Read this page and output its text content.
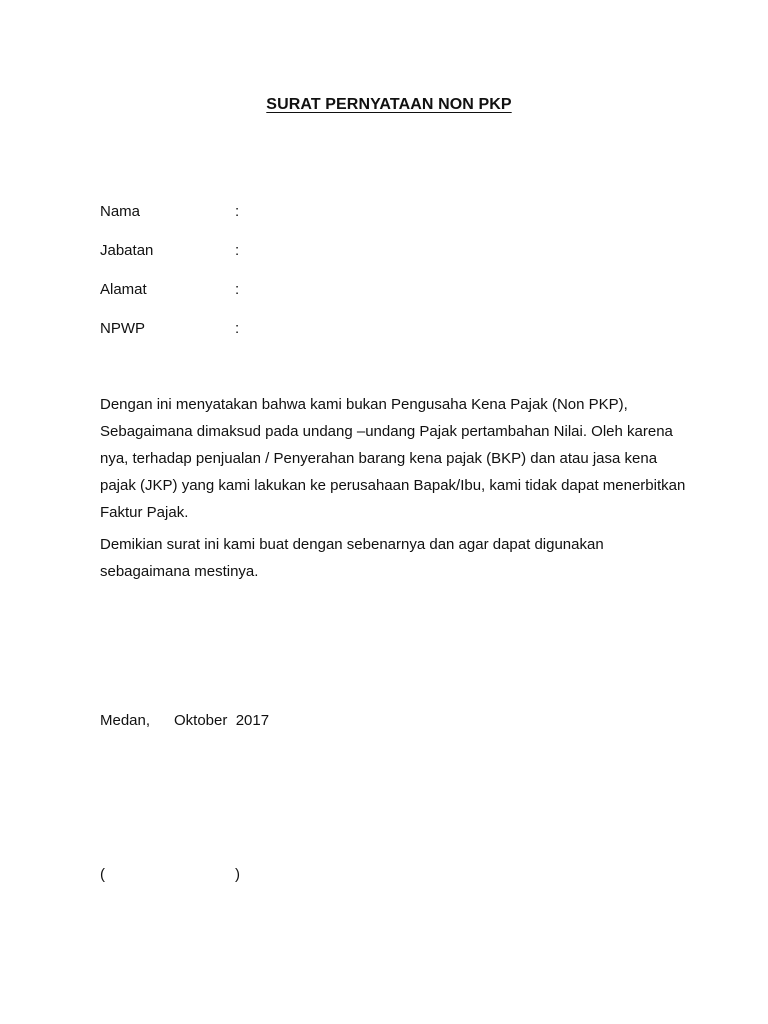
SURAT PERNYATAAN NON PKP
Nama	:
Jabatan	:
Alamat	:
NPWP	:

Dengan ini menyatakan bahwa kami bukan Pengusaha Kena Pajak (Non PKP), Sebagaimana dimaksud pada undang –undang Pajak pertambahan Nilai. Oleh karena nya, terhadap penjualan / Penyerahan barang kena pajak (BKP) dan atau jasa kena pajak (JKP) yang kami lakukan ke perusahaan Bapak/Ibu, kami tidak dapat menerbitkan Faktur Pajak.

Demikian surat ini kami buat dengan sebenarnya dan agar dapat digunakan sebagaimana mestinya.

Medan,

Oktober  2017

(	)
